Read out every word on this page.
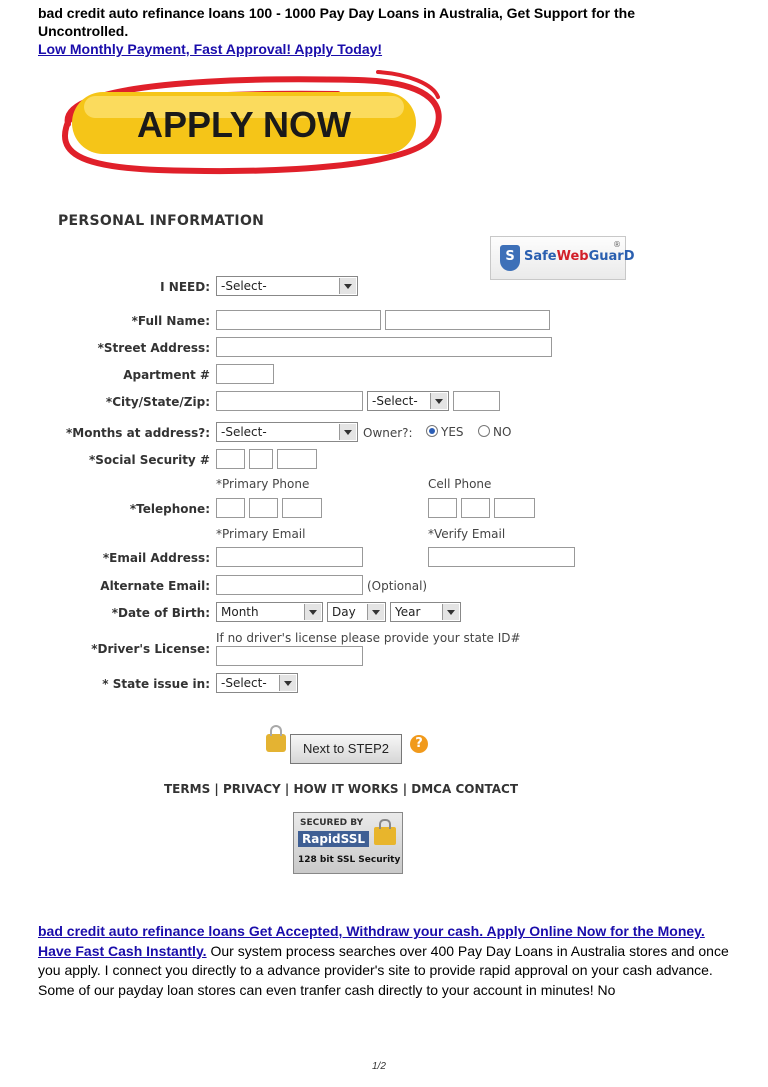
bad credit auto refinance loans 100 - 1000 Pay Day Loans in Australia, Get Support for the Uncontrolled.
Low Monthly Payment, Fast Approval! Apply Today!
APPLY NOW
PERSONAL INFORMATION
S SafeWebGuarD
®
I NEED: -Select-
*Full Name:
*Street Address:
Apartment #
*City/State/Zip:	-Select-
*Months at address?: -Select-	Owner?:	YES	NO
*Social Security #
*Primary Phone	Cell Phone
*Telephone:
*Primary Email	*Verify Email
*Email Address:
Alternate Email:	(Optional)
*Date of Birth: Month	Day	Year
If no driver's license please provide your state ID#
*Driver's License:
* State issue in: -Select-
Next to STEP2	?
TERMS | PRIVACY | HOW IT WORKS | DMCA CONTACT
SECURED BY
RapidSSL
128 bit SSL Security
bad credit auto refinance loans Get Accepted, Withdraw your cash. Apply Online Now for the Money. Have Fast Cash Instantly. Our system process searches over 400 Pay Day Loans in Australia stores and once you apply. I connect you directly to a advance provider's site to provide rapid approval on your cash advance. Some of our payday loan stores can even tranfer cash directly to your account in minutes! No
1/2
